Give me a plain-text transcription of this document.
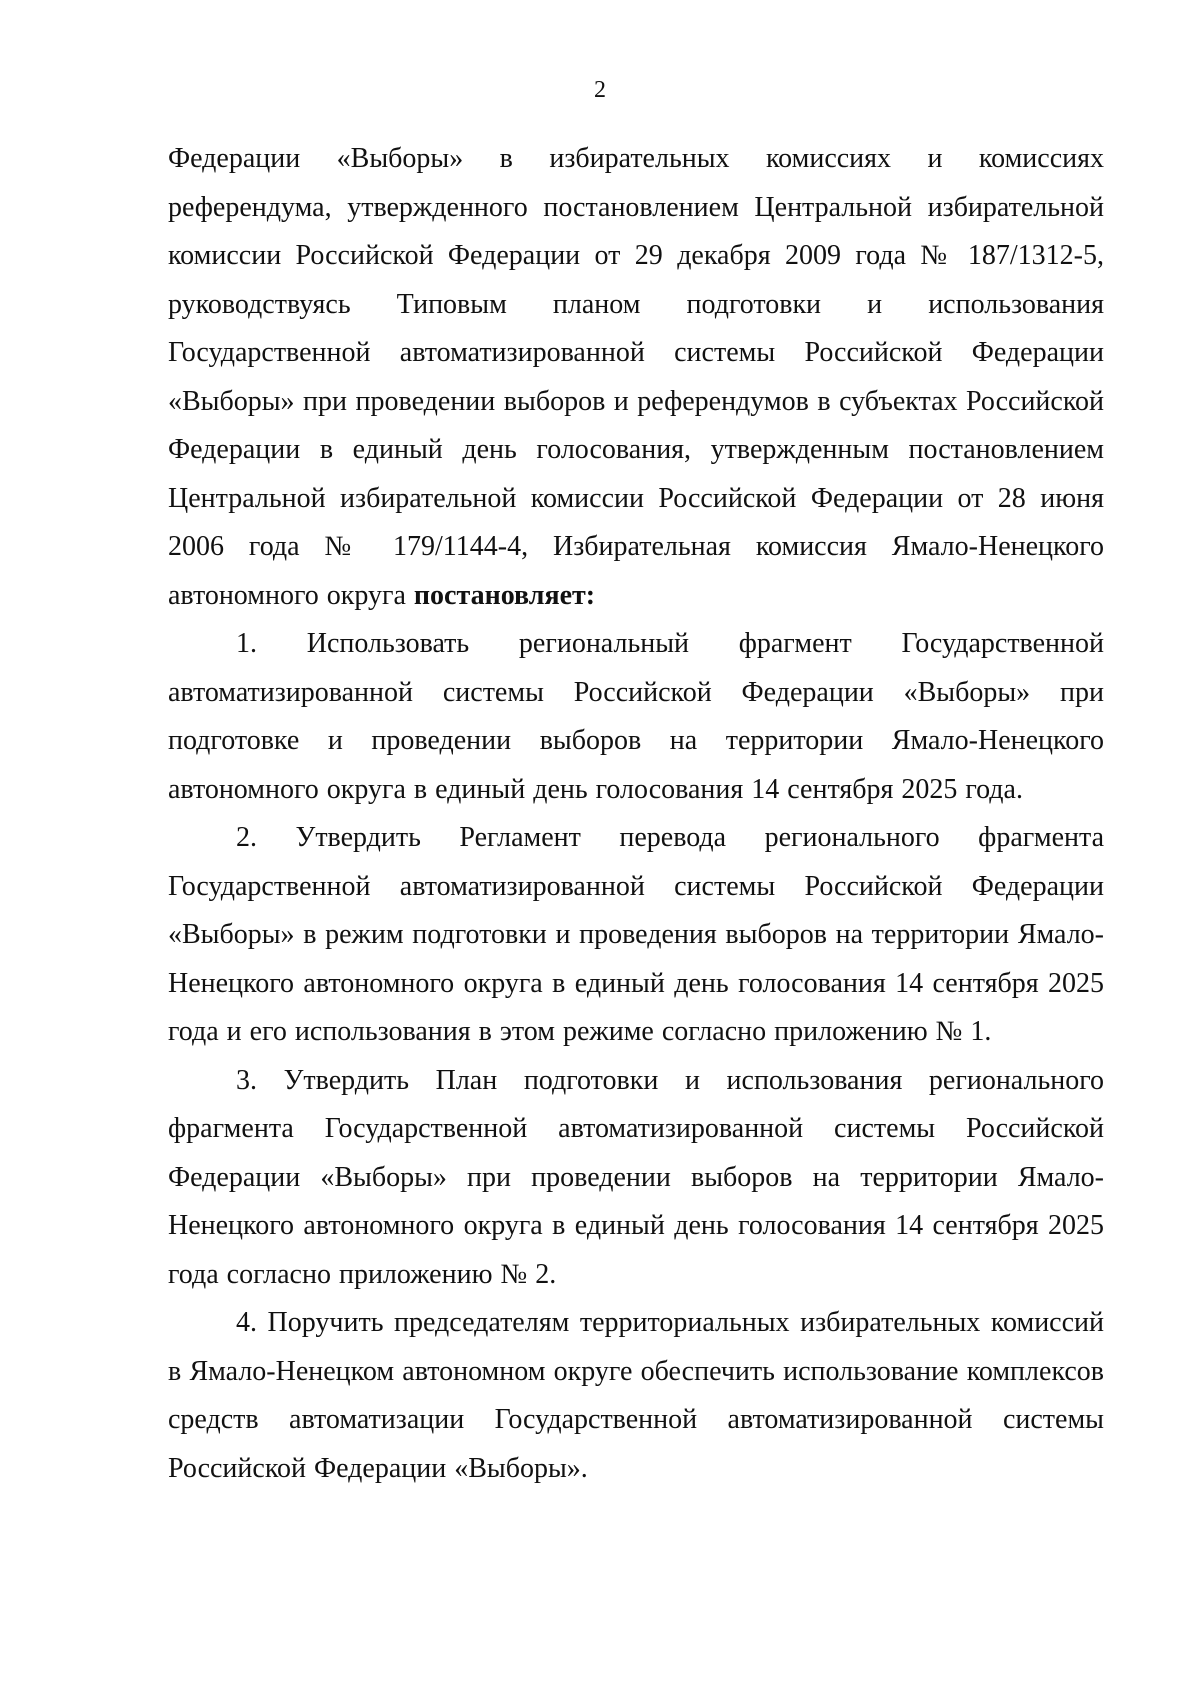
2

Федерации «Выборы» в избирательных комиссиях и комиссиях референдума, утвержденного постановлением Центральной избирательной комиссии Российской Федерации от 29 декабря 2009 года № 187/1312-5, руководствуясь Типовым планом подготовки и использования Государственной автоматизированной системы Российской Федерации «Выборы» при проведении выборов и референдумов в субъектах Российской Федерации в единый день голосования, утвержденным постановлением Центральной избирательной комиссии Российской Федерации от 28 июня 2006 года № 179/1144-4, Избирательная комиссия Ямало-Ненецкого автономного округа постановляет:

1. Использовать региональный фрагмент Государственной автоматизированной системы Российской Федерации «Выборы» при подготовке и проведении выборов на территории Ямало-Ненецкого автономного округа в единый день голосования 14 сентября 2025 года.

2. Утвердить Регламент перевода регионального фрагмента Государственной автоматизированной системы Российской Федерации «Выборы» в режим подготовки и проведения выборов на территории Ямало-Ненецкого автономного округа в единый день голосования 14 сентября 2025 года и его использования в этом режиме согласно приложению № 1.

3. Утвердить План подготовки и использования регионального фрагмента Государственной автоматизированной системы Российской Федерации «Выборы» при проведении выборов на территории Ямало-Ненецкого автономного округа в единый день голосования 14 сентября 2025 года согласно приложению № 2.

4. Поручить председателям территориальных избирательных комиссий в Ямало-Ненецком автономном округе обеспечить использование комплексов средств автоматизации Государственной автоматизированной системы Российской Федерации «Выборы».
